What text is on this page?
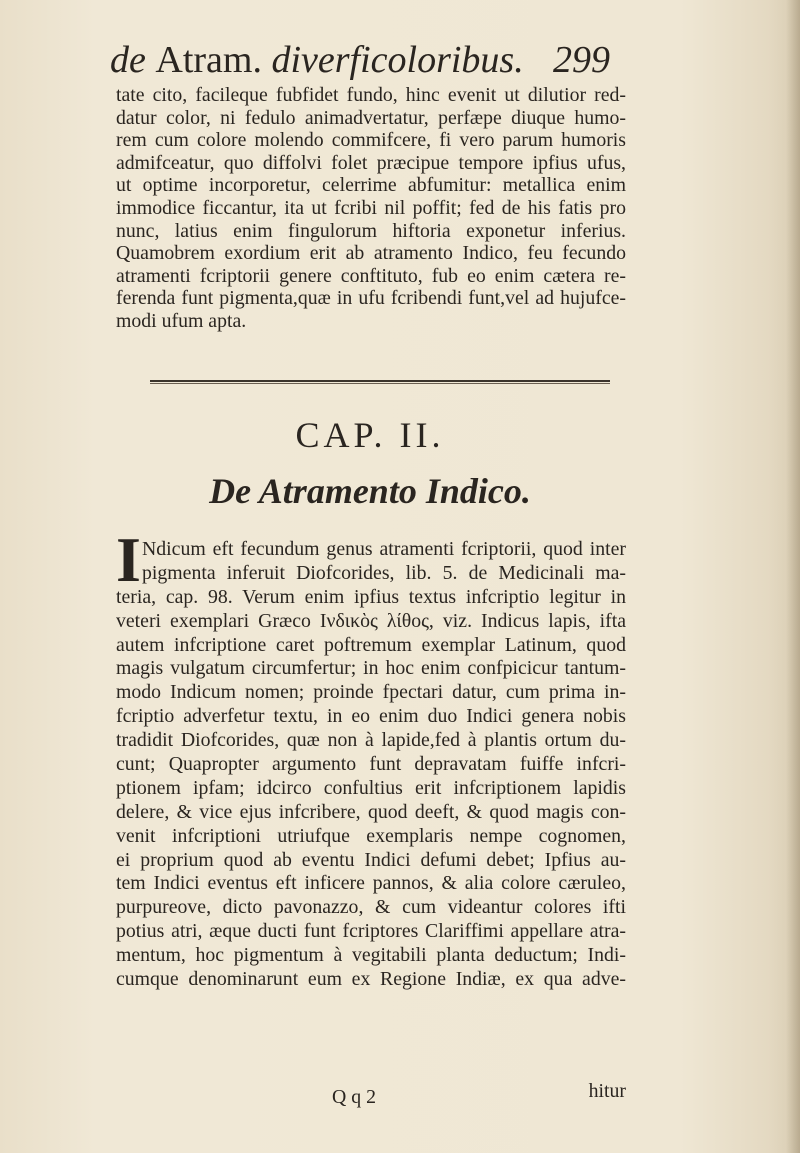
de Atram. diverficoloribus. 299
tate cito, facileque fubfidet fundo, hinc evenit ut dilutior red-
datur color, ni fedulo animadvertatur, perfæpe diuque humo-
rem cum colore molendo commifcere, fi vero parum humoris
admifceatur, quo diffolvi folet præcipue tempore ipfius ufus,
ut optime incorporetur, celerrime abfumitur: metallica enim
immodice ficcantur, ita ut fcribi nil poffit; fed de his fatis pro
nunc, latius enim fingulorum hiftoria exponetur inferius.
Quamobrem exordium erit ab atramento Indico, feu fecundo
atramenti fcriptorii genere conftituto, fub eo enim cætera re-
ferenda funt pigmenta,quæ in ufu fcribendi funt,vel ad hujufce-
modi ufum apta.
CAP. II.
De Atramento Indico.
I Ndicum eft fecundum genus atramenti fcriptorii, quod inter
pigmenta inferuit Diofcorides, lib. 5. de Medicinali ma-
teria, cap. 98. Verum enim ipfius textus infcriptio legitur in
veteri exemplari Græco Ινδικὸς λίθος, viz. Indicus lapis, ifta
autem infcriptione caret poftremum exemplar Latinum, quod
magis vulgatum circumfertur; in hoc enim confpicicur tantum-
modo Indicum nomen; proinde fpectari datur, cum prima in-
fcriptio adverfetur textu, in eo enim duo Indici genera nobis
tradidit Diofcorides, quæ non à lapide,fed à plantis ortum du-
cunt; Quapropter argumento funt depravatam fuiffe infcri-
ptionem ipfam; idcirco confultius erit infcriptionem lapidis
delere, & vice ejus infcribere, quod deeft, & quod magis con-
venit infcriptioni utriufque exemplaris nempe cognomen,
ei proprium quod ab eventu Indici defumi debet; Ipfius au-
tem Indici eventus eft inficere pannos, & alia colore cæruleo,
purpureove, dicto pavonazzo, & cum videantur colores ifti
potius atri, æque ducti funt fcriptores Clariffimi appellare atra-
mentum, hoc pigmentum à vegitabili planta deductum; Indi-
cumque denominarunt eum ex Regione Indiæ, ex qua adve-
Q q 2	hitur
